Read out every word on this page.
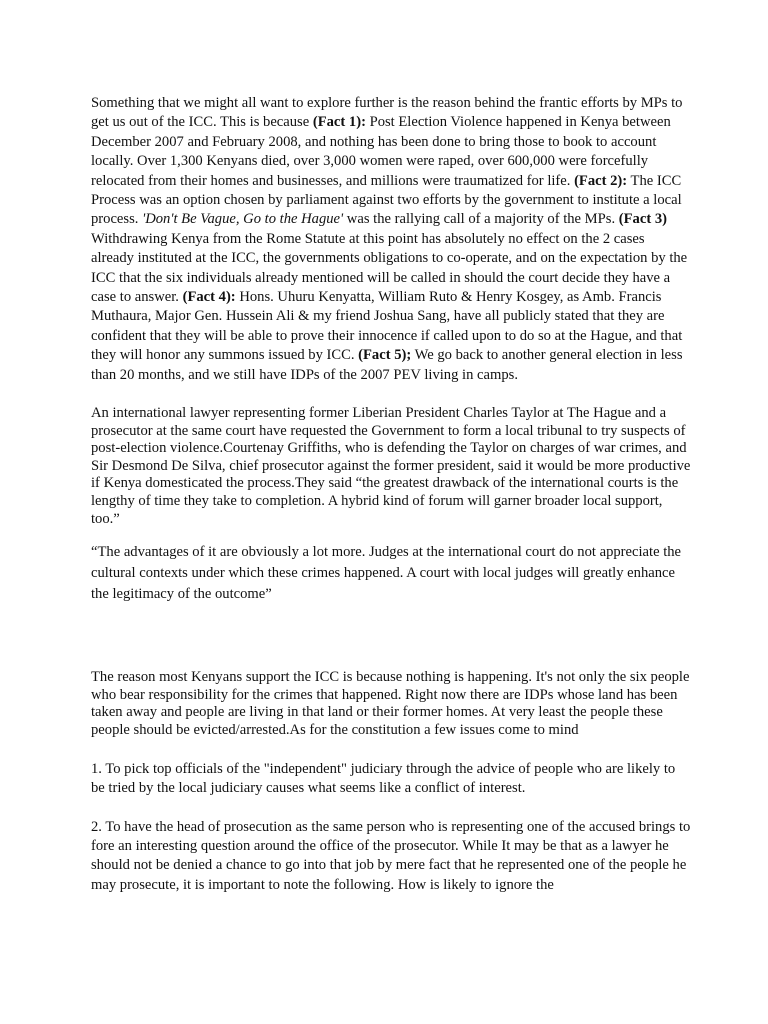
Something that we might all want to explore further is the reason behind the frantic efforts by MPs to get us out of the ICC. This is because (Fact 1): Post Election Violence happened in Kenya between December 2007 and February 2008, and nothing has been done to bring those to book to account locally. Over 1,300 Kenyans died, over 3,000 women were raped, over 600,000 were forcefully relocated from their homes and businesses, and millions were traumatized for life. (Fact 2): The ICC Process was an option chosen by parliament against two efforts by the government to institute a local process. 'Don't Be Vague, Go to the Hague' was the rallying call of a majority of the MPs. (Fact 3) Withdrawing Kenya from the Rome Statute at this point has absolutely no effect on the 2 cases already instituted at the ICC, the governments obligations to co-operate, and on the expectation by the ICC that the six individuals already mentioned will be called in should the court decide they have a case to answer. (Fact 4): Hons. Uhuru Kenyatta, William Ruto & Henry Kosgey, as Amb. Francis Muthaura, Major Gen. Hussein Ali & my friend Joshua Sang, have all publicly stated that they are confident that they will be able to prove their innocence if called upon to do so at the Hague, and that they will honor any summons issued by ICC. (Fact 5); We go back to another general election in less than 20 months, and we still have IDPs of the 2007 PEV living in camps.

An international lawyer representing former Liberian President Charles Taylor at The Hague and a prosecutor at the same court have requested the Government to form a local tribunal to try suspects of post-election violence.Courtenay Griffiths, who is defending the Taylor on charges of war crimes, and Sir Desmond De Silva, chief prosecutor against the former president, said it would be more productive if Kenya domesticated the process.They said “the greatest drawback of the international courts is the lengthy of time they take to completion. A hybrid kind of forum will garner broader local support, too.”

“The advantages of it are obviously a lot more. Judges at the international court do not appreciate the cultural contexts under which these crimes happened. A court with local judges will greatly enhance the legitimacy of the outcome”

The reason most Kenyans support the ICC is because nothing is happening. It's not only the six people who bear responsibility for the crimes that happened. Right now there are IDPs whose land has been taken away and people are living in that land or their former homes. At very least the people these people should be evicted/arrested.As for the constitution a few issues come to mind

1. To pick top officials of the "independent" judiciary through the advice of people who are likely to be tried by the local judiciary causes what seems like a conflict of interest.

2. To have the head of prosecution as the same person who is representing one of the accused brings to fore an interesting question around the office of the prosecutor. While It may be that as a lawyer he should not be denied a chance to go into that job by mere fact that he represented one of the people he may prosecute, it is important to note the following. How is likely to ignore the
